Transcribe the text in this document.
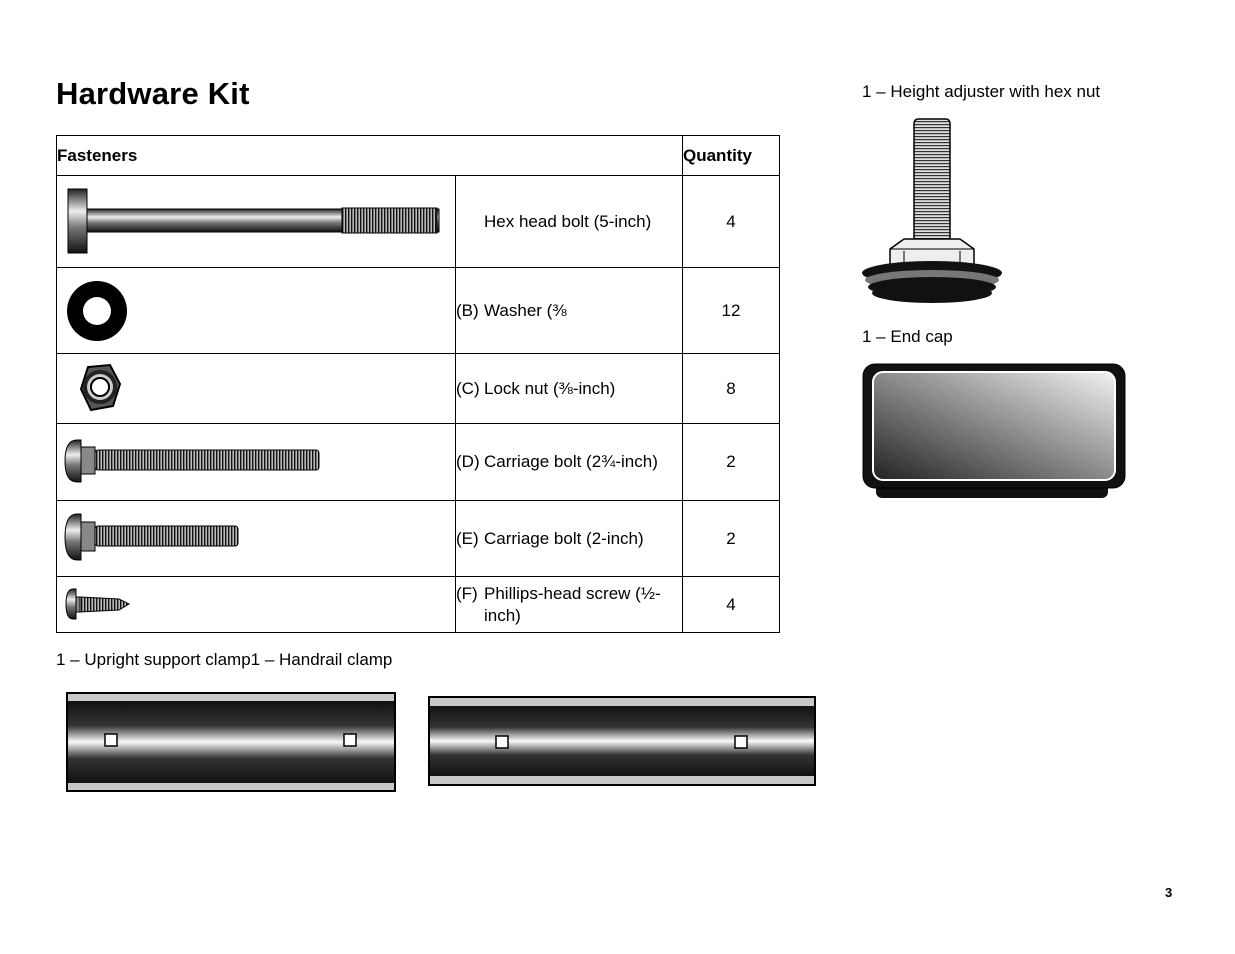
Hardware Kit
Fasteners		Quantity

Hex head bolt (5-inch)	4

(B) Washer (⅜	12

(C) Lock nut (⅜-inch)	8

(D) Carriage bolt (2¾-inch)	2

(E) Carriage bolt (2-inch)	2

(F) Phillips-head screw (½-inch)	4
1 – Upright support clamp1 – Handrail clamp
1 – Height adjuster with hex nut
1 – End cap
3
